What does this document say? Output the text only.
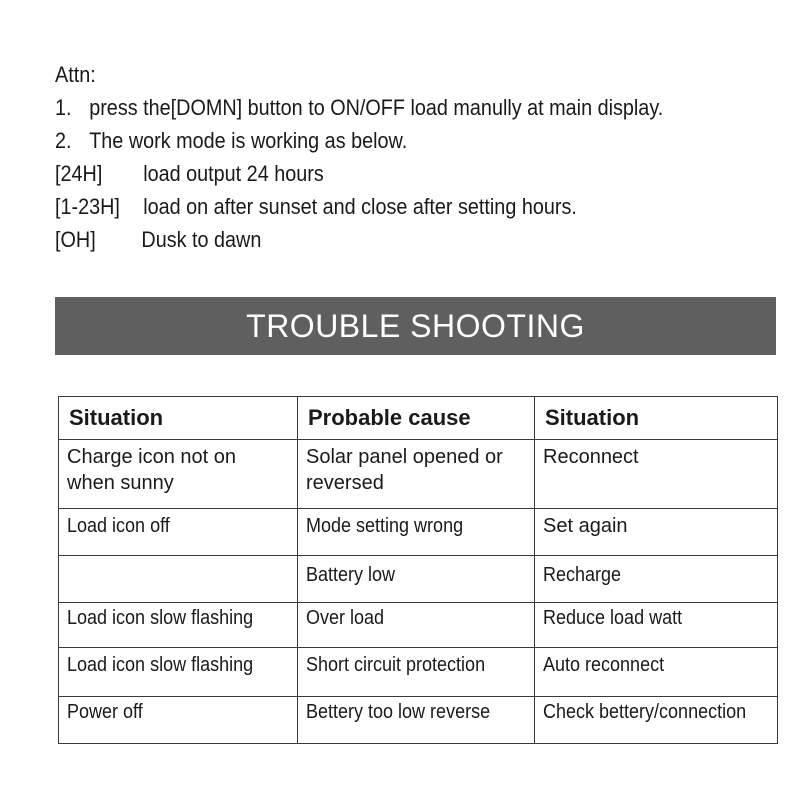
Attn:
1. press the[DOMN] button to ON/OFF load manully at main display.
2. The work mode is working as below.
[24H]	load output 24 hours
[1-23H]	load on after sunset and close after setting hours.
[OH]	Dusk to dawn
TROUBLE SHOOTING
Situation	Probable cause	Situation
Charge icon not on when sunny	Solar panel opened or reversed	Reconnect
Load icon off	Mode setting wrong	Set again
	Battery low	Recharge
Load icon slow flashing	Over load	Reduce load watt
Load icon slow flashing	Short circuit protection	Auto reconnect
Power off	Bettery too low reverse	Check bettery/connection
